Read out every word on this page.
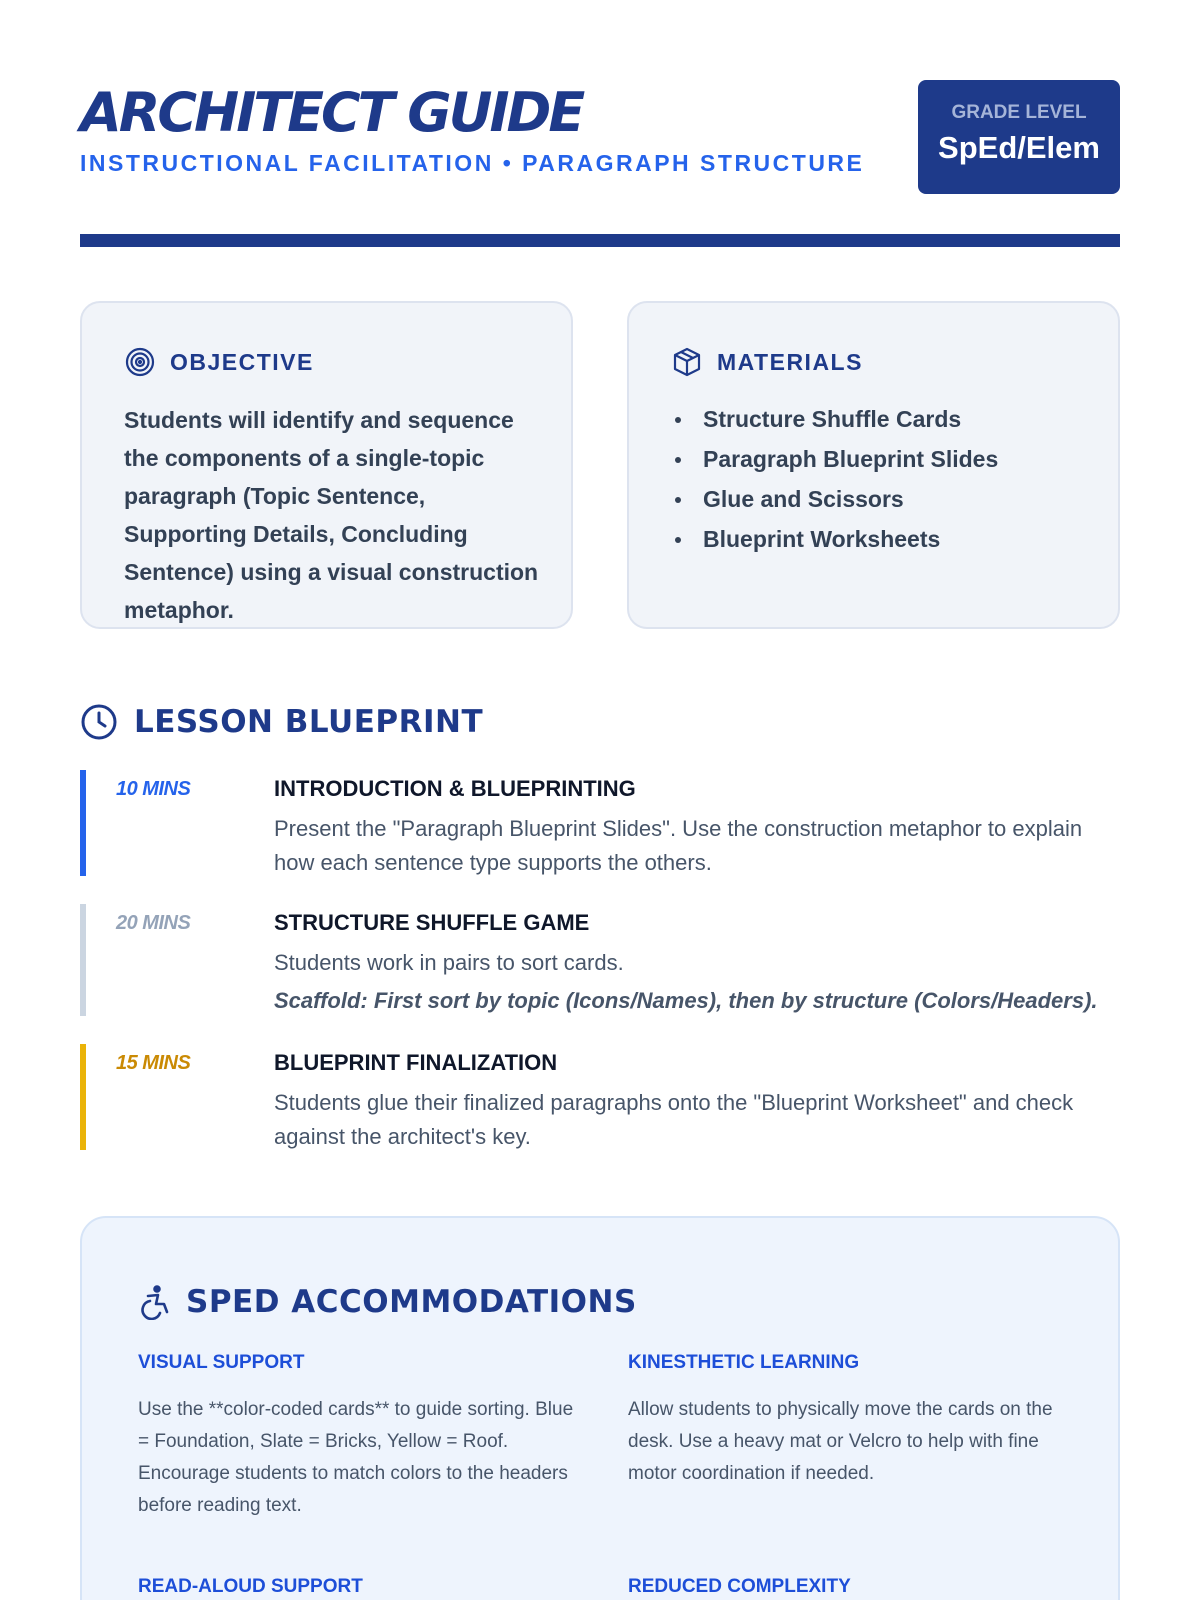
ARCHITECT GUIDE
INSTRUCTIONAL FACILITATION • PARAGRAPH STRUCTURE
GRADE LEVEL
SpEd/Elem
OBJECTIVE
Students will identify and sequence the components of a single-topic paragraph (Topic Sentence, Supporting Details, Concluding Sentence) using a visual construction metaphor.
MATERIALS
Structure Shuffle Cards
Paragraph Blueprint Slides
Glue and Scissors
Blueprint Worksheets
LESSON BLUEPRINT
10 MINS	INTRODUCTION & BLUEPRINTING
Present the "Paragraph Blueprint Slides". Use the construction metaphor to explain how each sentence type supports the others.
20 MINS	STRUCTURE SHUFFLE GAME
Students work in pairs to sort cards.
Scaffold: First sort by topic (Icons/Names), then by structure (Colors/Headers).
15 MINS	BLUEPRINT FINALIZATION
Students glue their finalized paragraphs onto the "Blueprint Worksheet" and check against the architect's key.
SPED ACCOMMODATIONS
VISUAL SUPPORT
Use the **color-coded cards** to guide sorting. Blue = Foundation, Slate = Bricks, Yellow = Roof. Encourage students to match colors to the headers before reading text.
KINESTHETIC LEARNING
Allow students to physically move the cards on the desk. Use a heavy mat or Velcro to help with fine motor coordination if needed.
READ-ALOUD SUPPORT	REDUCED COMPLEXITY
